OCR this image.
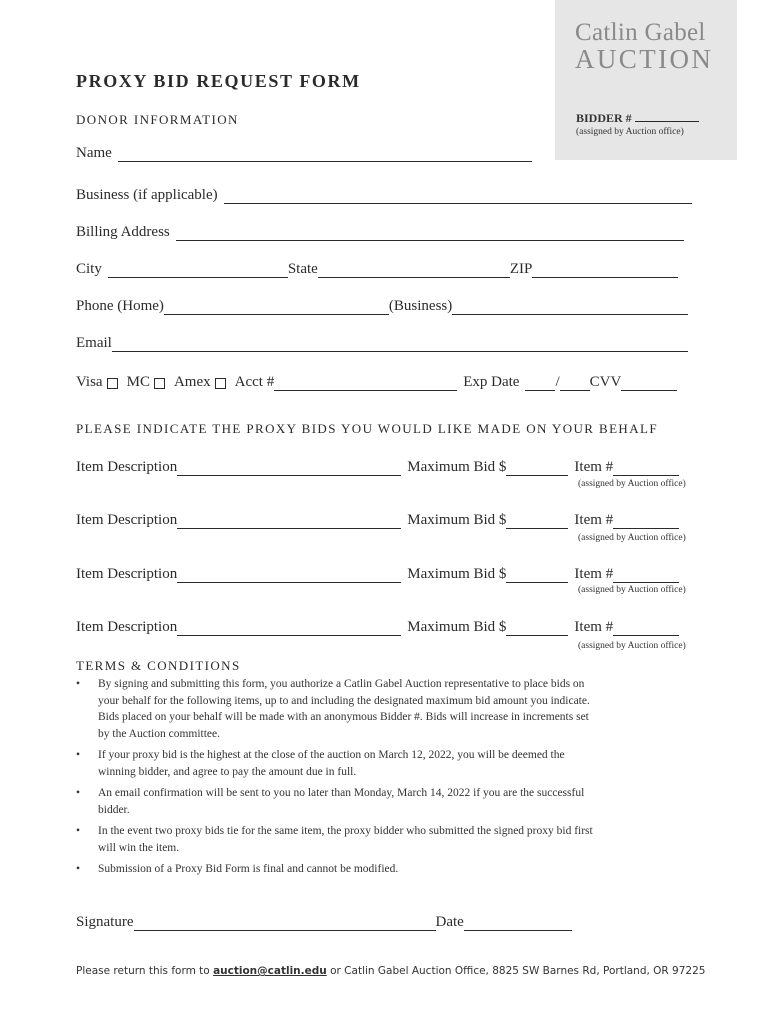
Catlin Gabel
AUCTION
BIDDER #
(assigned by Auction office)
PROXY BID REQUEST FORM
DONOR INFORMATION
Name
Business (if applicable)
Billing Address
City	State	ZIP
Phone (Home)	(Business)
Email
Visa MC Amex Acct #	Exp Date / CVV
PLEASE INDICATE THE PROXY BIDS YOU WOULD LIKE MADE ON YOUR BEHALF
Item Description	Maximum Bid $	Item #
(assigned by Auction office)
Item Description	Maximum Bid $	Item #
(assigned by Auction office)
Item Description	Maximum Bid $	Item #
(assigned by Auction office)
Item Description	Maximum Bid $	Item #
(assigned by Auction office)
TERMS & CONDITIONS
•	By signing and submitting this form, you authorize a Catlin Gabel Auction representative to place bids on your behalf for the following items, up to and including the designated maximum bid amount you indicate. Bids placed on your behalf will be made with an anonymous Bidder #. Bids will increase in increments set by the Auction committee.
•	If your proxy bid is the highest at the close of the auction on March 12, 2022, you will be deemed the winning bidder, and agree to pay the amount due in full.
•	An email confirmation will be sent to you no later than Monday, March 14, 2022 if you are the successful bidder.
•	In the event two proxy bids tie for the same item, the proxy bidder who submitted the signed proxy bid first will win the item.
•	Submission of a Proxy Bid Form is final and cannot be modified.
Signature	Date
Please return this form to auction@catlin.edu or Catlin Gabel Auction Office, 8825 SW Barnes Rd, Portland, OR 97225
